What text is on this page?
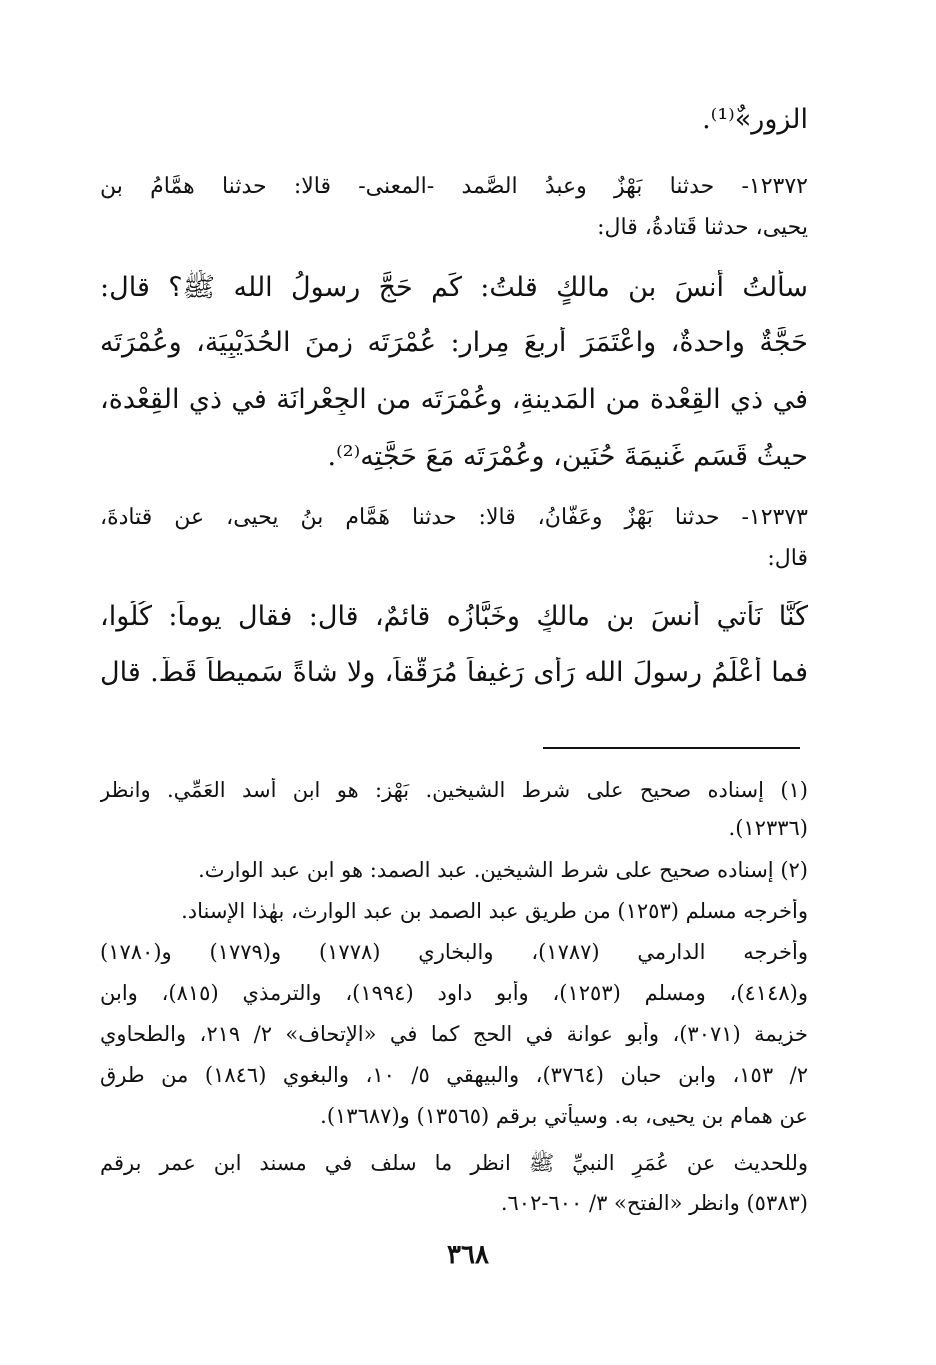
الزورِ»ٌ⁽¹⁾.
١٢٣٧٢- حدثنا بَهْزٌ وعبدُ الصَّمد -المعنى- قالا: حدثنا همَّامُ بن
يحيى، حدثنا قَتادةُ، قال:
سألتُ أنسَ بن مالكٍ قلتُ: كَم حَجَّ رسولُ الله ﷺ؟ قال:
حَجَّةٌ واحدةٌ، واعْتَمَرَ أَربعَ مِرارٍ: عُمْرَتَه زمنَ الحُدَيْبِيَة، وعُمْرَتَه
في ذي القِعْدة من المَدينةِ، وعُمْرَتَه من الجِعْرانَة في ذي القِعْدة،
حيثُ قَسَم غَنيمَةَ حُنَينٍ، وعُمْرَتَه مَعَ حَجَّتِه⁽²⁾.
١٢٣٧٣- حدثنا بَهْزٌ وعَفَّانُ، قالا: حدثنا هَمَّام بنُ يحيى، عن قتادةَ،
قال:
كُنَّا نَأتي أنسَ بن مالكٍ وخَبَّازُه قائمٌ، قال: فقال يوماً: كُلُوا،
فما أَعْلَمُ رسولَ الله رَأَى رَغيفاً مُرَقَّقاً، ولا شاةً سَميطاً قَطُّ. قال
(١) إسناده صحيح على شرط الشيخين. بَهْز: هو ابن أسد العَمِّي. وانظر
(١٢٣٣٦).
(٢) إسناده صحيح على شرط الشيخين. عبد الصمد: هو ابن عبد الوارث.
وأخرجه مسلم (١٢٥٣) من طريق عبد الصمد بن عبد الوارث، بهٰذا الإسناد.
وأخرجه الدارمي (١٧٨٧)، والبخاري (١٧٧٨) و(١٧٧٩) و(١٧٨٠)
و(٤١٤٨)، ومسلم (١٢٥٣)، وأبو داود (١٩٩٤)، والترمذي (٨١٥)، وابن
خزيمة (٣٠٧١)، وأبو عوانة في الحج كما في «الإتحاف» ٢/ ٢١٩، والطحاوي
٢/ ١٥٣، وابن حبان (٣٧٦٤)، والبيهقي ٥/ ١٠، والبغوي (١٨٤٦) من طرق
عن همام بن يحيى، به. وسيأتي برقم (١٣٥٦٥) و(١٣٦٨٧).
وللحديث عن عُمَرِ النبيِّ ﷺ انظر ما سلف في مسند ابن عمر برقم
(٥٣٨٣) وانظر «الفتح» ٣/ ٦٠٠-٦٠٢.
٣٦٨
